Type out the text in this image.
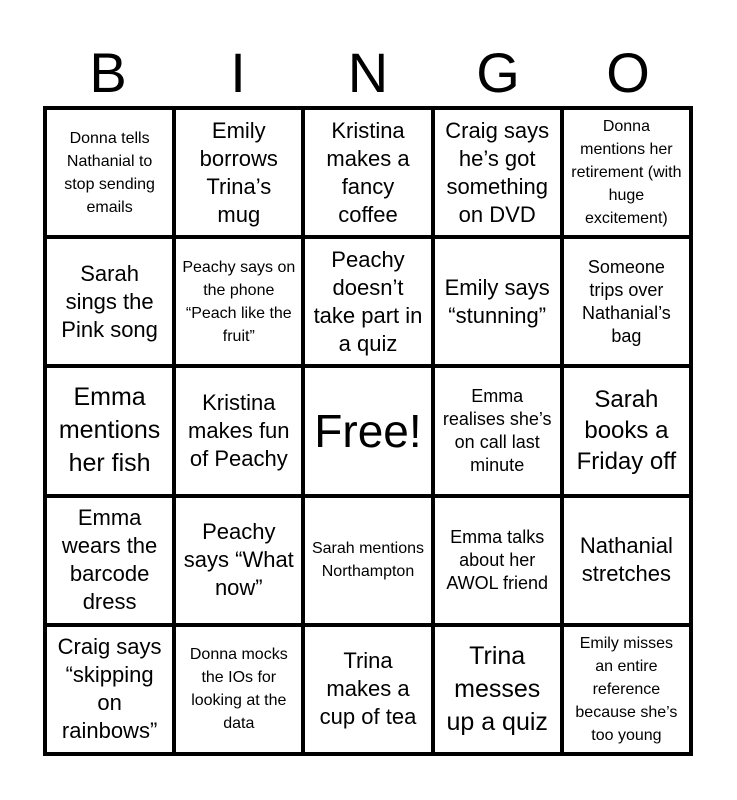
B	I	N	G	O
Donna tells Nathanial to stop sending emails
Emily borrows Trina’s mug
Kristina makes a fancy coffee
Craig says he’s got something on DVD
Donna mentions her retirement (with huge excitement)
Sarah sings the Pink song
Peachy says on the phone “Peach like the fruit”
Peachy doesn’t take part in a quiz
Emily says “stunning”
Someone trips over Nathanial’s bag
Emma mentions her fish
Kristina makes fun of Peachy
Free!
Emma realises she’s on call last minute
Sarah books a Friday off
Emma wears the barcode dress
Peachy says “What now”
Sarah mentions Northampton
Emma talks about her AWOL friend
Nathanial stretches
Craig says “skipping on rainbows”
Donna mocks the IOs for looking at the data
Trina makes a cup of tea
Trina messes up a quiz
Emily misses an entire reference because she’s too young
